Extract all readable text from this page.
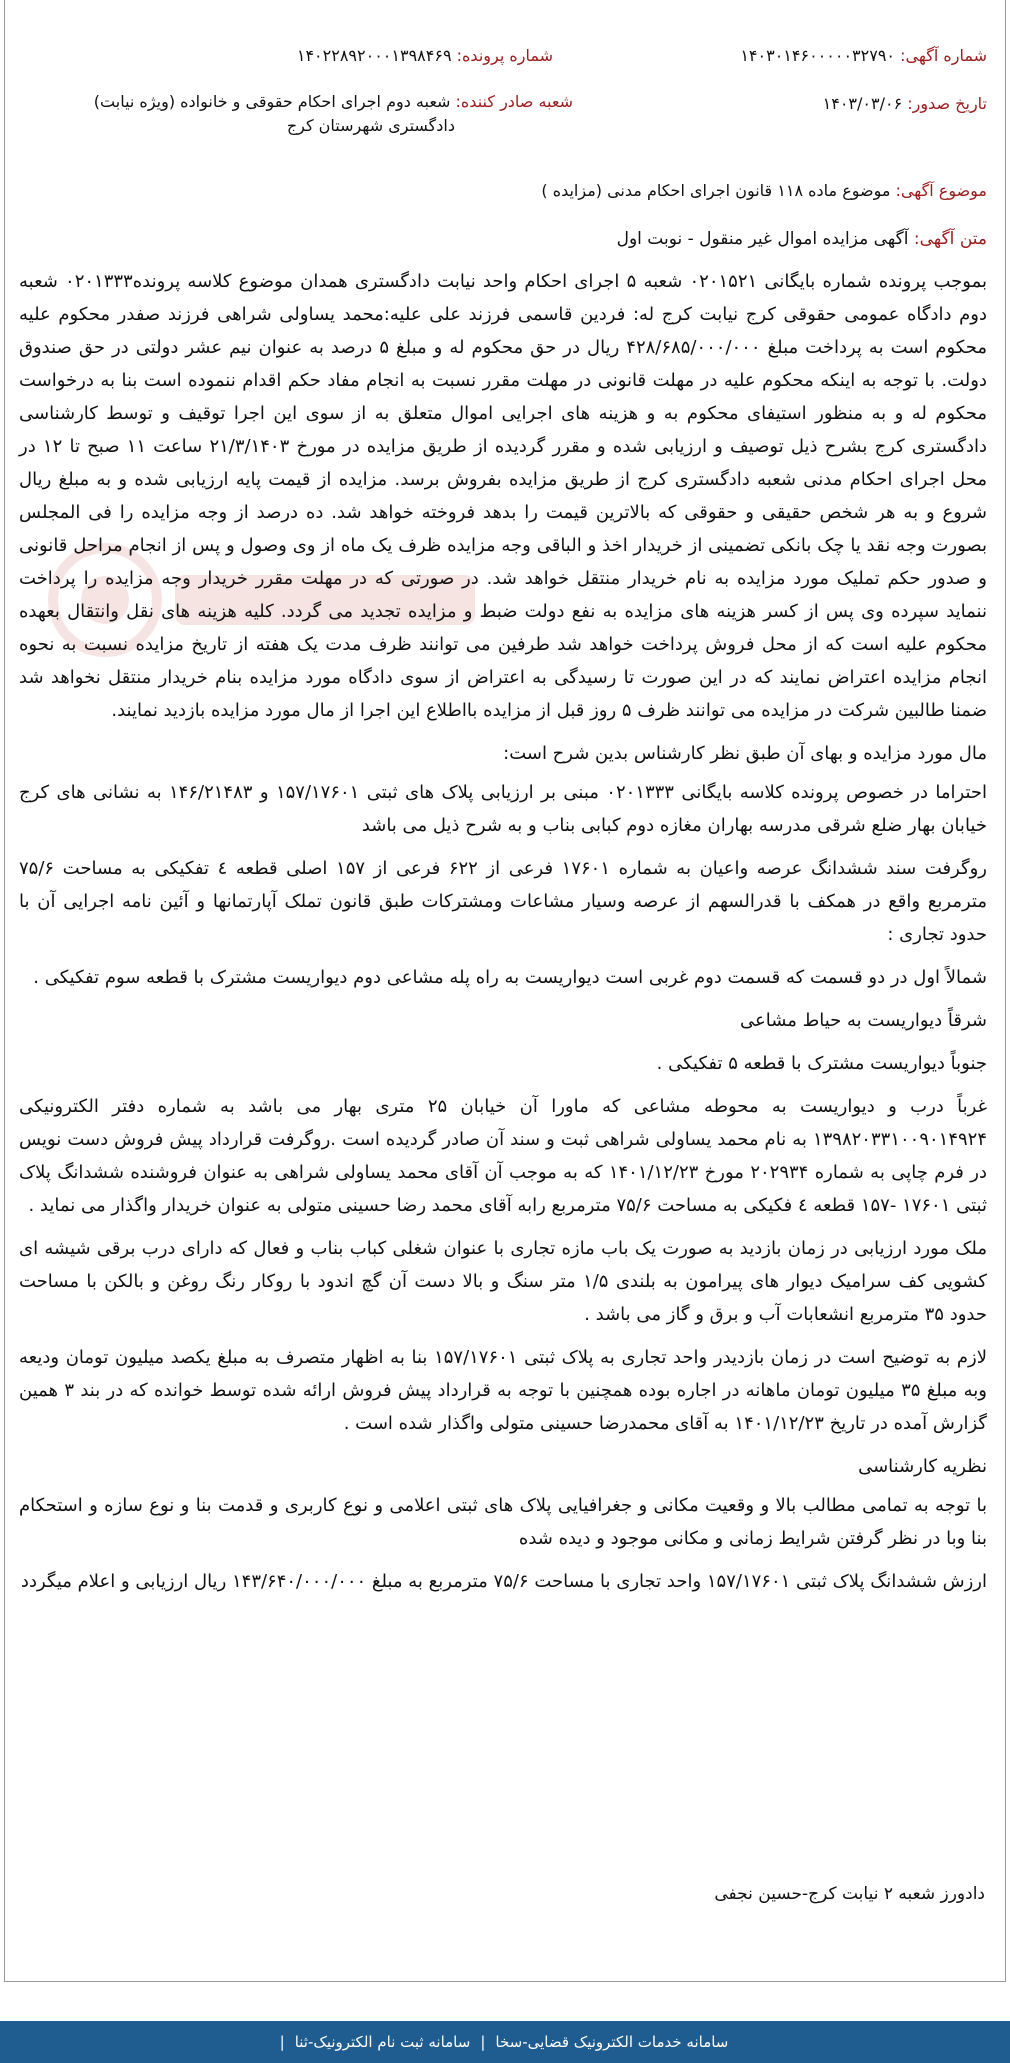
شماره آگهی: ۱۴۰۳۰۱۴۶۰۰۰۰۰۳۲۷۹۰
شماره پرونده: ۱۴۰۲۲۸۹۲۰۰۰۱۳۹۸۴۶۹
تاریخ صدور: ۱۴۰۳/۰۳/۰۶
شعبه صادر کننده: شعبه دوم اجرای احکام حقوقی و خانواده (ویژه نیابت)
دادگستری شهرستان کرج
موضوع آگهی: موضوع ماده ۱۱۸ قانون اجرای احکام مدنی (مزایده )
متن آگهی: آگهی مزایده اموال غیر منقول - نوبت اول

بموجب پرونده شماره بایگانی ۰۲۰۱۵۲۱ شعبه ۵ اجرای احکام واحد نیابت دادگستری همدان موضوع کلاسه پرونده۰۲۰۱۳۳۳ شعبه دوم دادگاه عمومی حقوقی کرج نیابت کرج له: فردین قاسمی فرزند علی علیه:محمد یساولی شراهی فرزند صفدر محکوم علیه محکوم است به پرداخت مبلغ ۴۲۸/۶۸۵/۰۰۰/۰۰۰ ریال در حق محکوم له و مبلغ ۵ درصد به عنوان نیم عشر دولتی در حق صندوق دولت. با توجه به اینکه محکوم علیه در مهلت قانونی در مهلت مقرر نسبت به انجام مفاد حکم اقدام ننموده است بنا به درخواست محکوم له و به منظور استیفای محکوم به و هزینه های اجرایی اموال متعلق به از سوی این اجرا توقیف و توسط کارشناسی دادگستری کرج بشرح ذیل توصیف و ارزیابی شده و مقرر گردیده از طریق مزایده در مورخ ۲۱/۳/۱۴۰۳ ساعت ۱۱ صبح تا ۱۲ در محل اجرای احکام مدنی شعبه دادگستری کرج از طریق مزایده بفروش برسد. مزایده از قیمت پایه ارزیابی شده و به مبلغ ریال شروع و به هر شخص حقیقی و حقوقی که بالاترین قیمت را بدهد فروخته خواهد شد. ده درصد از وجه مزایده را فی المجلس بصورت وجه نقد یا چک بانکی تضمینی از خریدار اخذ و الباقی وجه مزایده ظرف یک ماه از وی وصول و پس از انجام مراحل قانونی و صدور حکم تملیک مورد مزایده به نام خریدار منتقل خواهد شد. در صورتی که در مهلت مقرر خریدار وجه مزایده را پرداخت ننماید سپرده وی پس از کسر هزینه های مزایده به نفع دولت ضبط و مزایده تجدید می گردد. کلیه هزینه های نقل وانتقال بعهده محکوم علیه است که از محل فروش پرداخت خواهد شد طرفین می توانند ظرف مدت یک هفته از تاریخ مزایده نسبت به نحوه انجام مزایده اعتراض نمایند که در این صورت تا رسیدگی به اعتراض از سوی دادگاه مورد مزایده بنام خریدار منتقل نخواهد شد ضمنا طالبین شرکت در مزایده می توانند ظرف ۵ روز قبل از مزایده بااطلاع این اجرا از مال مورد مزایده بازدید نمایند.

مال مورد مزایده و بهای آن طبق نظر کارشناس بدین شرح است:

احتراما در خصوص پرونده کلاسه بایگانی ۰۲۰۱۳۳۳ مبنی بر ارزیابی پلاک های ثبتی ۱۵۷/۱۷۶۰۱ و ۱۴۶/۲۱۴۸۳ به نشانی های کرج خیابان بهار ضلع شرقی مدرسه بهاران مغازه دوم کبابی بناب و به شرح ذیل می باشد

روگرفت سند ششدانگ عرصه واعیان به شماره ۱۷۶۰۱ فرعی از ۶۲۲ فرعی از ۱۵۷ اصلی قطعه ٤ تفکیکی به مساحت ۷۵/۶ مترمربع واقع در همکف با قدرالسهم از عرصه وسیار مشاعات ومشترکات طبق قانون تملک آپارتمانها و آئین نامه اجرایی آن با حدود تجاری :

شمالاً اول در دو قسمت که قسمت دوم غربی است دیواریست به راه پله مشاعی دوم دیواریست مشترک با قطعه سوم تفکیکی .

شرقاً دیواریست به حیاط مشاعی

جنوباً دیواریست مشترک با قطعه ۵ تفکیکی .

غرباً درب و دیواریست به محوطه مشاعی که ماورا آن خیابان ۲۵ متری بهار می باشد به شماره دفتر الکترونیکی ۱۳۹۸۲۰۳۳۱۰۰۹۰۱۴۹۲۴ به نام محمد یساولی شراهی ثبت و سند آن صادر گردیده است .روگرفت قرارداد پیش فروش دست نویس در فرم چاپی به شماره ۲۰۲۹۳۴ مورخ ۱۴۰۱/۱۲/۲۳ که به موجب آن آقای محمد یساولی شراهی به عنوان فروشنده ششدانگ پلاک ثبتی ۱۷۶۰۱ -۱۵۷ قطعه ٤ فکیکی به مساحت ۷۵/۶ مترمربع رابه آقای محمد رضا حسینی متولی به عنوان خریدار واگذار می نماید .

ملک مورد ارزیابی در زمان بازدید به صورت یک باب مازه تجاری با عنوان شغلی کباب بناب و فعال که دارای درب برقی شیشه ای کشویی کف سرامیک دیوار های پیرامون به بلندی ۱/۵ متر سنگ و بالا دست آن گچ اندود با روکار رنگ روغن و بالکن با مساحت حدود ۳۵ مترمربع انشعابات آب و برق و گاز می باشد .

لازم به توضیح است در زمان بازدیدر واحد تجاری به پلاک ثبتی ۱۵۷/۱۷۶۰۱ بنا به اظهار متصرف به مبلغ یکصد میلیون تومان ودیعه وبه مبلغ ۳۵ میلیون تومان ماهانه در اجاره بوده همچنین با توجه به قرارداد پیش فروش ارائه شده توسط خوانده که در بند ۳ همین گزارش آمده در تاریخ ۱۴۰۱/۱۲/۲۳ به آقای محمدرضا حسینی متولی واگذار شده است .

نظریه کارشناسی

با توجه به تمامی مطالب بالا و وقعیت مکانی و جغرافیایی پلاک های ثبتی اعلامی و نوع کاربری و قدمت بنا و نوع سازه و استحکام بنا وبا در نظر گرفتن شرایط زمانی و مکانی موجود و دیده شده

ارزش ششدانگ پلاک ثبتی ۱۵۷/۱۷۶۰۱ واحد تجاری با مساحت ۷۵/۶ مترمربع به مبلغ ۱۴۳/۶۴۰/۰۰۰/۰۰۰ ریال ارزیابی و اعلام میگردد

دادورز شعبه ۲ نیابت کرج-حسین نجفی
سامانه خدمات الکترونیک قضایی-سخا
|
سامانه ثبت نام الکترونیک-ثنا
|
